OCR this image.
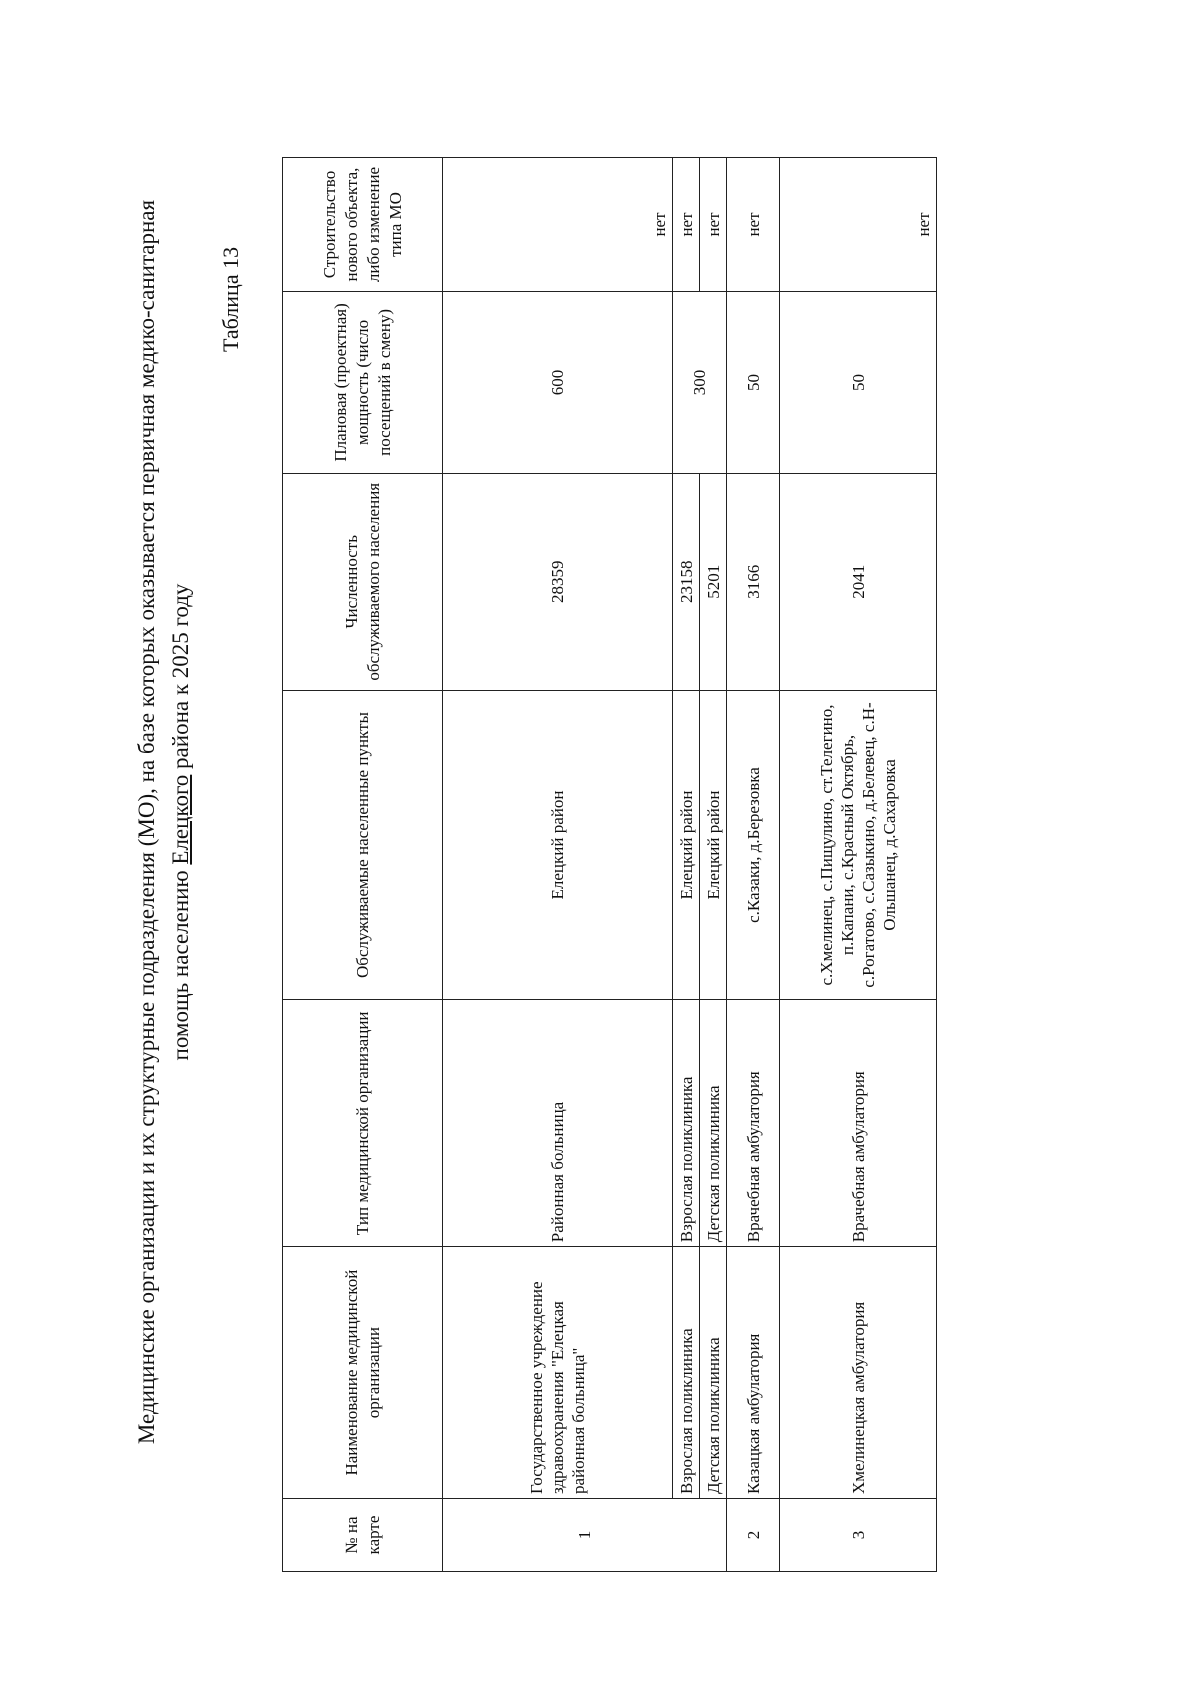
Медицинские организации и их структурные подразделения (МО), на базе которых оказывается первичная медико-санитарная помощь населению Елецкого района к 2025 году
Таблица 13
№ на карте	Наименование медицинской организации	Тип медицинской организации	Обслуживаемые населенные пункты	Численность обслуживаемого населения	Плановая (проектная) мощность (число посещений в смену)	Строительство нового объекта, либо изменение типа МО
1	Государственное учреждение здравоохранения "Елецкая районная больница"	Районная больница	Елецкий район	28359	600	нет
	Взрослая поликлиника	Взрослая поликлиника	Елецкий район	23158	300	нет
	Детская поликлиника	Детская поликлиника	Елецкий район	5201		нет
2	Казацкая амбулатория	Врачебная амбулатория	с.Казаки, д.Березовка	3166	50	нет
3	Хмелинецкая амбулатория	Врачебная амбулатория	с.Хмелинец, с.Пищулино, ст.Телегино, п.Капани, с.Красный Октябрь, с.Рогатово, с.Сазыкино, д.Белевец, с.Н-Ольшанец, д.Сахаровка	2041	50	нет
